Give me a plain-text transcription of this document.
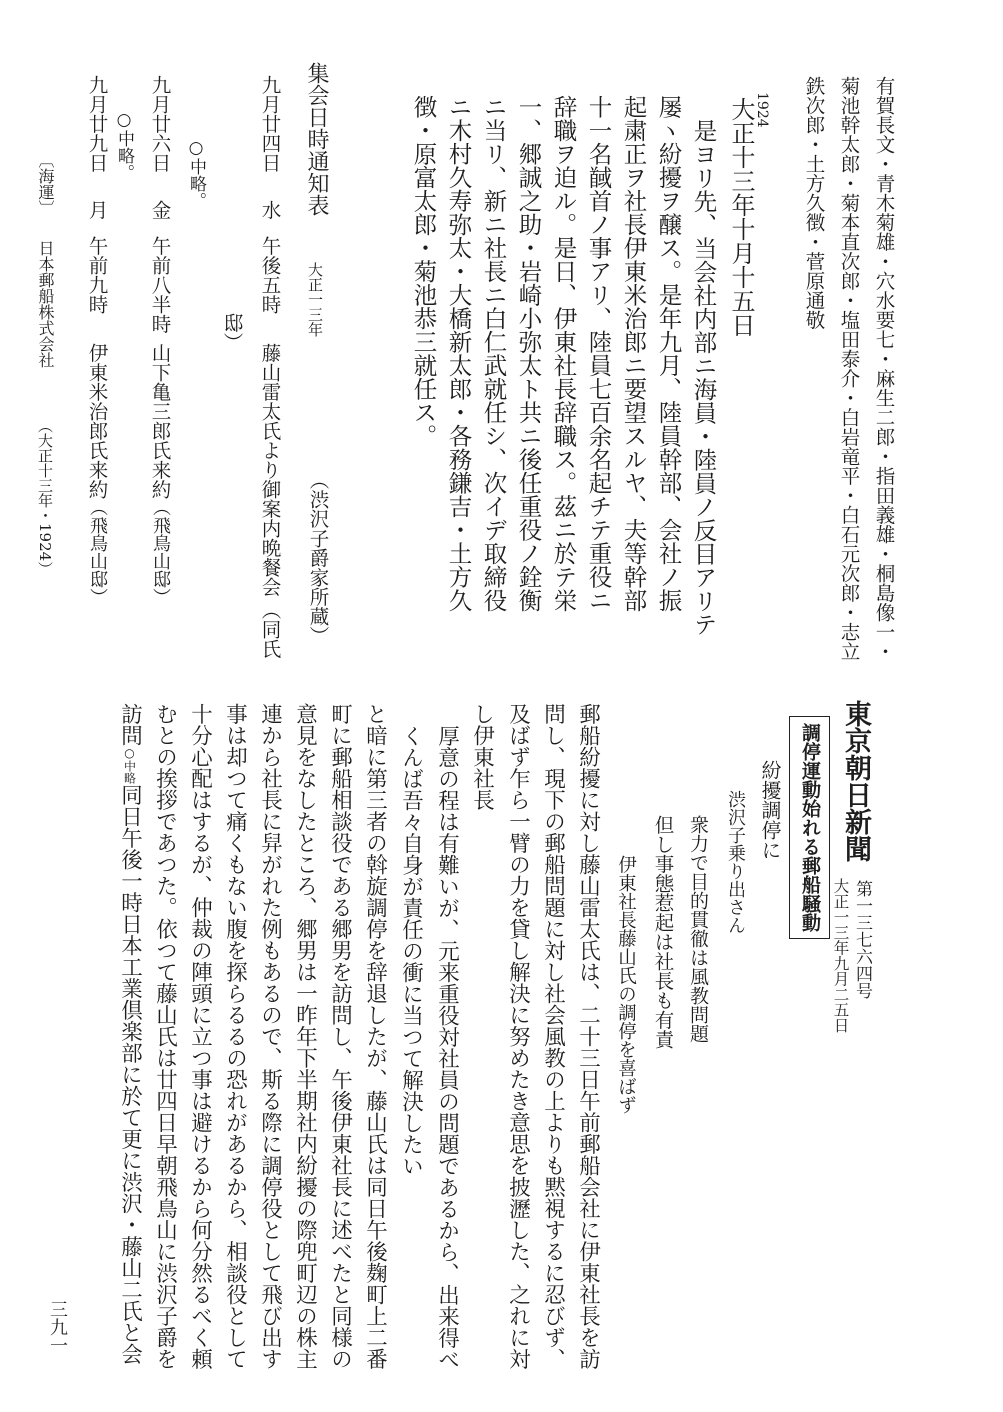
有賀長文・青木菊雄・穴水要七・麻生二郎・指田義雄・桐島像一・
菊池幹太郎・菊本直次郎・塩田泰介・白岩竜平・白石元次郎・志立
鉄次郎・土方久徴・菅原通敬
1924
大正十三年十月十五日
是ヨリ先、当会社内部ニ海員・陸員ノ反目アリテ
屡ヽ紛擾ヲ醸ス。是年九月、陸員幹部、会社ノ振
起粛正ヲ社長伊東米治郎ニ要望スルヤ、夫等幹部
十一名馘首ノ事アリ、陸員七百余名起チテ重役ニ
辞職ヲ迫ル。是日、伊東社長辞職ス。茲ニ於テ栄
一、郷誠之助・岩崎小弥太ト共ニ後任重役ノ銓衡
ニ当リ、新ニ社長ニ白仁武就任シ、次イデ取締役
ニ木村久寿弥太・大橋新太郎・各務鎌吉・土方久
徴・原富太郎・菊池恭三就任ス。
集会日時通知表
大正一三年
（渋沢子爵家所蔵）
九月廿四日
水
午後五時
藤山雷太氏より御案内晩餐会
（同氏
邸）
○中略。
九月廿六日
金
午前八半時
山下亀三郎氏来約
（飛鳥山邸）
○中略。
九月廿九日
月
午前九時
伊東米治郎氏来約
（飛鳥山邸）
〔海運〕
日本郵船株式会社
（大正十三年・1924）
東京朝日新聞
第一三七六四号
大正一三年九月二五日
調停運動始れる郵船騒動
紛擾調停に
渋沢子乗り出さん
衆力で目的貫徹は風教問題
但し事態惹起は社長も有責
伊東社長藤山氏の調停を喜ばず
郵船紛擾に対し藤山雷太氏は、二十三日午前郵船会社に伊東社長を訪
問し、現下の郵船問題に対し社会風教の上よりも黙視するに忍びず、
及ばず乍ら一臂の力を貸し解決に努めたき意思を披瀝した、之れに対
し伊東社長
厚意の程は有難いが、元来重役対社員の問題であるから、出来得べ
くんば吾々自身が責任の衝に当つて解決したい
と暗に第三者の斡旋調停を辞退したが、藤山氏は同日午後麹町上二番
町に郵船相談役である郷男を訪問し、午後伊東社長に述べたと同様の
意見をなしたところ、郷男は一昨年下半期社内紛擾の際兜町辺の株主
連から社長に舁がれた例もあるので、斯る際に調停役として飛び出す
事は却つて痛くもない腹を探らるるの恐れがあるから、相談役として
十分心配はするが、仲裁の陣頭に立つ事は避けるから何分然るべく頼
むとの挨拶であつた。依つて藤山氏は廿四日早朝飛鳥山に渋沢子爵を
訪問○中略同日午後一時日本工業倶楽部に於て更に渋沢・藤山二氏と会
三九一
